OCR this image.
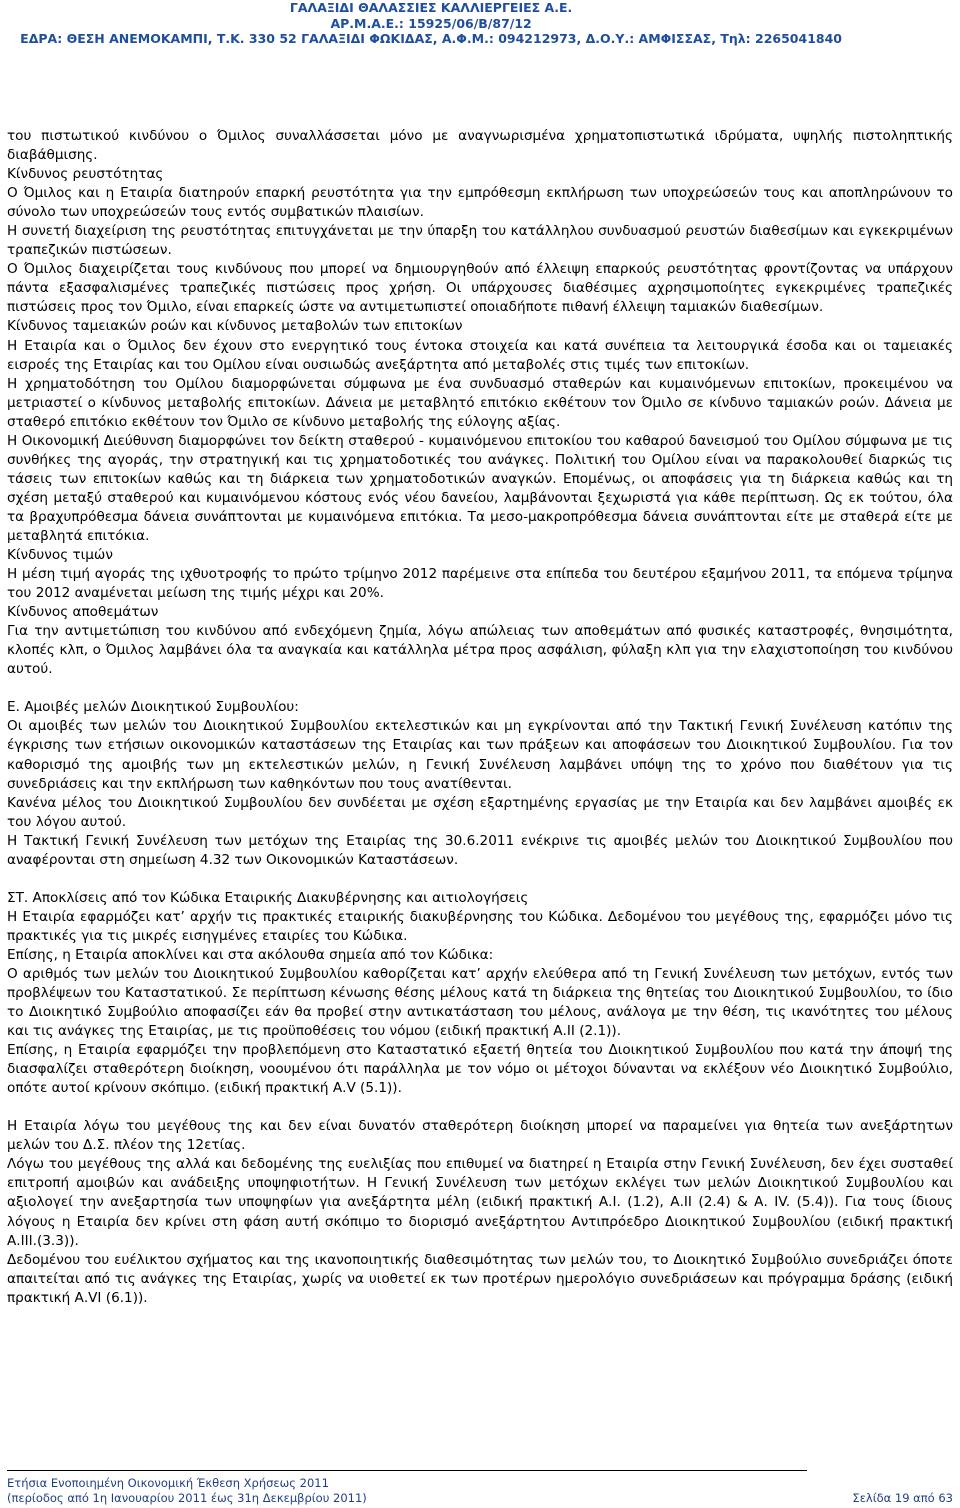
ΓΑΛΑΞΙΔΙ ΘΑΛΑΣΣΙΕΣ ΚΑΛΛΙΕΡΓΕΙΕΣ Α.Ε.
ΑΡ.Μ.Α.Ε.: 15925/06/Β/87/12
ΕΔΡΑ: ΘΕΣΗ ΑΝΕΜΟΚΑΜΠΙ, Τ.Κ. 330 52 ΓΑΛΑΞΙΔΙ ΦΩΚΙΔΑΣ, Α.Φ.Μ.: 094212973, Δ.Ο.Υ.: ΑΜΦΙΣΣΑΣ, Τηλ: 2265041840

του πιστωτικού κινδύνου ο Όμιλος συναλλάσσεται μόνο με αναγνωρισμένα χρηματοπιστωτικά ιδρύματα, υψηλής πιστοληπτικής διαβάθμισης.

Κίνδυνος ρευστότητας

Ο Όμιλος και η Εταιρία διατηρούν επαρκή ρευστότητα για την εμπρόθεσμη εκπλήρωση των υποχρεώσεών τους και αποπληρώνουν το σύνολο των υποχρεώσεών τους εντός συμβατικών πλαισίων.

Η συνετή διαχείριση της ρευστότητας επιτυγχάνεται με την ύπαρξη του κατάλληλου συνδυασμού ρευστών διαθεσίμων και εγκεκριμένων τραπεζικών πιστώσεων.

Ο Όμιλος διαχειρίζεται τους κινδύνους που μπορεί να δημιουργηθούν από έλλειψη επαρκούς ρευστότητας φροντίζοντας να υπάρχουν πάντα εξασφαλισμένες τραπεζικές πιστώσεις προς χρήση. Οι υπάρχουσες διαθέσιμες αχρησιμοποίητες εγκεκριμένες τραπεζικές πιστώσεις προς τον Όμιλο, είναι επαρκείς ώστε να αντιμετωπιστεί οποιαδήποτε πιθανή έλλειψη ταμιακών διαθεσίμων.

Κίνδυνος ταμειακών ροών και κίνδυνος μεταβολών των επιτοκίων

Η Εταιρία και ο Όμιλος δεν έχουν στο ενεργητικό τους έντοκα στοιχεία και κατά συνέπεια τα λειτουργικά έσοδα και οι ταμειακές εισροές της Εταιρίας και του Ομίλου είναι ουσιωδώς ανεξάρτητα από μεταβολές στις τιμές των επιτοκίων.

Η χρηματοδότηση του Ομίλου διαμορφώνεται σύμφωνα με ένα συνδυασμό σταθερών και κυμαινόμενων επιτοκίων, προκειμένου να μετριαστεί ο κίνδυνος μεταβολής επιτοκίων. Δάνεια με μεταβλητό επιτόκιο εκθέτουν τον Όμιλο σε κίνδυνο ταμιακών ροών. Δάνεια με σταθερό επιτόκιο εκθέτουν τον Όμιλο σε κίνδυνο μεταβολής της εύλογης αξίας.

Η Οικονομική Διεύθυνση διαμορφώνει τον δείκτη σταθερού - κυμαινόμενου επιτοκίου του καθαρού δανεισμού του Ομίλου σύμφωνα με τις συνθήκες της αγοράς, την στρατηγική και τις χρηματοδοτικές του ανάγκες. Πολιτική του Ομίλου είναι να παρακολουθεί διαρκώς τις τάσεις των επιτοκίων καθώς και τη διάρκεια των χρηματοδοτικών αναγκών. Επομένως, οι αποφάσεις για τη διάρκεια καθώς και τη σχέση μεταξύ σταθερού και κυμαινόμενου κόστους ενός νέου δανείου, λαμβάνονται ξεχωριστά για κάθε περίπτωση. Ως εκ τούτου, όλα τα βραχυπρόθεσμα δάνεια συνάπτονται με κυμαινόμενα επιτόκια. Τα μεσο-μακροπρόθεσμα δάνεια συνάπτονται είτε με σταθερά είτε με μεταβλητά επιτόκια.

Κίνδυνος τιμών

Η μέση τιμή αγοράς της ιχθυοτροφής το πρώτο τρίμηνο 2012 παρέμεινε στα επίπεδα του δευτέρου εξαμήνου 2011, τα επόμενα τρίμηνα του 2012 αναμένεται μείωση της τιμής μέχρι και 20%.

Κίνδυνος αποθεμάτων

Για την αντιμετώπιση του κινδύνου από ενδεχόμενη ζημία, λόγω απώλειας των αποθεμάτων από φυσικές καταστροφές, θνησιμότητα, κλοπές κλπ, ο Όμιλος λαμβάνει όλα τα αναγκαία και κατάλληλα μέτρα προς ασφάλιση, φύλαξη κλπ για την ελαχιστοποίηση του κινδύνου αυτού.

Ε. Αμοιβές μελών Διοικητικού Συμβουλίου:

Οι αμοιβές των μελών του Διοικητικού Συμβουλίου εκτελεστικών και μη εγκρίνονται από την Τακτική Γενική Συνέλευση κατόπιν της έγκρισης των ετήσιων οικονομικών καταστάσεων της Εταιρίας και των πράξεων και αποφάσεων του Διοικητικού Συμβουλίου. Για τον καθορισμό της αμοιβής των μη εκτελεστικών μελών, η Γενική Συνέλευση λαμβάνει υπόψη της το χρόνο που διαθέτουν για τις συνεδριάσεις και την εκπλήρωση των καθηκόντων που τους ανατίθενται.

Κανένα μέλος του Διοικητικού Συμβουλίου δεν συνδέεται με σχέση εξαρτημένης εργασίας με την Εταιρία και δεν λαμβάνει αμοιβές εκ του λόγου αυτού.

Η Τακτική Γενική Συνέλευση των μετόχων της Εταιρίας της 30.6.2011 ενέκρινε τις αμοιβές μελών του Διοικητικού Συμβουλίου που αναφέρονται στη σημείωση 4.32 των Οικονομικών Καταστάσεων.

ΣΤ. Αποκλίσεις από τον Κώδικα Εταιρικής Διακυβέρνησης και αιτιολογήσεις

Η Εταιρία εφαρμόζει κατ’ αρχήν τις πρακτικές εταιρικής διακυβέρνησης του Κώδικα. Δεδομένου του μεγέθους της, εφαρμόζει μόνο τις πρακτικές για τις μικρές εισηγμένες εταιρίες του Κώδικα.

Επίσης, η Εταιρία αποκλίνει και στα ακόλουθα σημεία από τον Κώδικα:

Ο αριθμός των μελών του Διοικητικού Συμβουλίου καθορίζεται κατ’ αρχήν ελεύθερα από τη Γενική Συνέλευση των μετόχων, εντός των προβλέψεων του Καταστατικού. Σε περίπτωση κένωσης θέσης μέλους κατά τη διάρκεια της θητείας του Διοικητικού Συμβουλίου, το ίδιο το Διοικητικό Συμβούλιο αποφασίζει εάν θα προβεί στην αντικατάσταση του μέλους, ανάλογα με την θέση, τις ικανότητες του μέλους και τις ανάγκες της Εταιρίας, με τις προϋποθέσεις του νόμου (ειδική πρακτική Α.ΙΙ (2.1)).

Επίσης, η Εταιρία εφαρμόζει την προβλεπόμενη στο Καταστατικό εξαετή θητεία του Διοικητικού Συμβουλίου που κατά την άποψή της διασφαλίζει σταθερότερη διοίκηση, νοουμένου ότι παράλληλα με τον νόμο οι μέτοχοι δύνανται να εκλέξουν νέο Διοικητικό Συμβούλιο, οπότε αυτοί κρίνουν σκόπιμο. (ειδική πρακτική Α.V (5.1)).

Η Εταιρία λόγω του μεγέθους της και δεν είναι δυνατόν σταθερότερη διοίκηση μπορεί να παραμείνει για θητεία των ανεξάρτητων μελών του Δ.Σ. πλέον της 12ετίας.

Λόγω του μεγέθους της αλλά και δεδομένης της ευελιξίας που επιθυμεί να διατηρεί η Εταιρία στην Γενική Συνέλευση, δεν έχει συσταθεί επιτροπή αμοιβών και ανάδειξης υποψηφιοτήτων. Η Γενική Συνέλευση των μετόχων εκλέγει των μελών Διοικητικού Συμβουλίου και αξιολογεί την ανεξαρτησία των υποψηφίων για ανεξάρτητα μέλη (ειδική πρακτική Α.Ι. (1.2), Α.ΙΙ (2.4) & Α. IV. (5.4)). Για τους ίδιους λόγους η Εταιρία δεν κρίνει στη φάση αυτή σκόπιμο το διορισμό ανεξάρτητου Αντιπρόεδρο Διοικητικού Συμβουλίου (ειδική πρακτική Α.ΙΙΙ.(3.3)).

Δεδομένου του ευέλικτου σχήματος και της ικανοποιητικής διαθεσιμότητας των μελών του, το Διοικητικό Συμβούλιο συνεδριάζει όποτε απαιτείται από τις ανάγκες της Εταιρίας, χωρίς να υιοθετεί εκ των προτέρων ημερολόγιο συνεδριάσεων και πρόγραμμα δράσης (ειδική πρακτική Α.VI (6.1)).

Ετήσια Ενοποιημένη Οικονομική Έκθεση Χρήσεως 2011
(περίοδος από 1η Ιανουαρίου 2011 έως 31η Δεκεμβρίου 2011)	Σελίδα 19 από 63
